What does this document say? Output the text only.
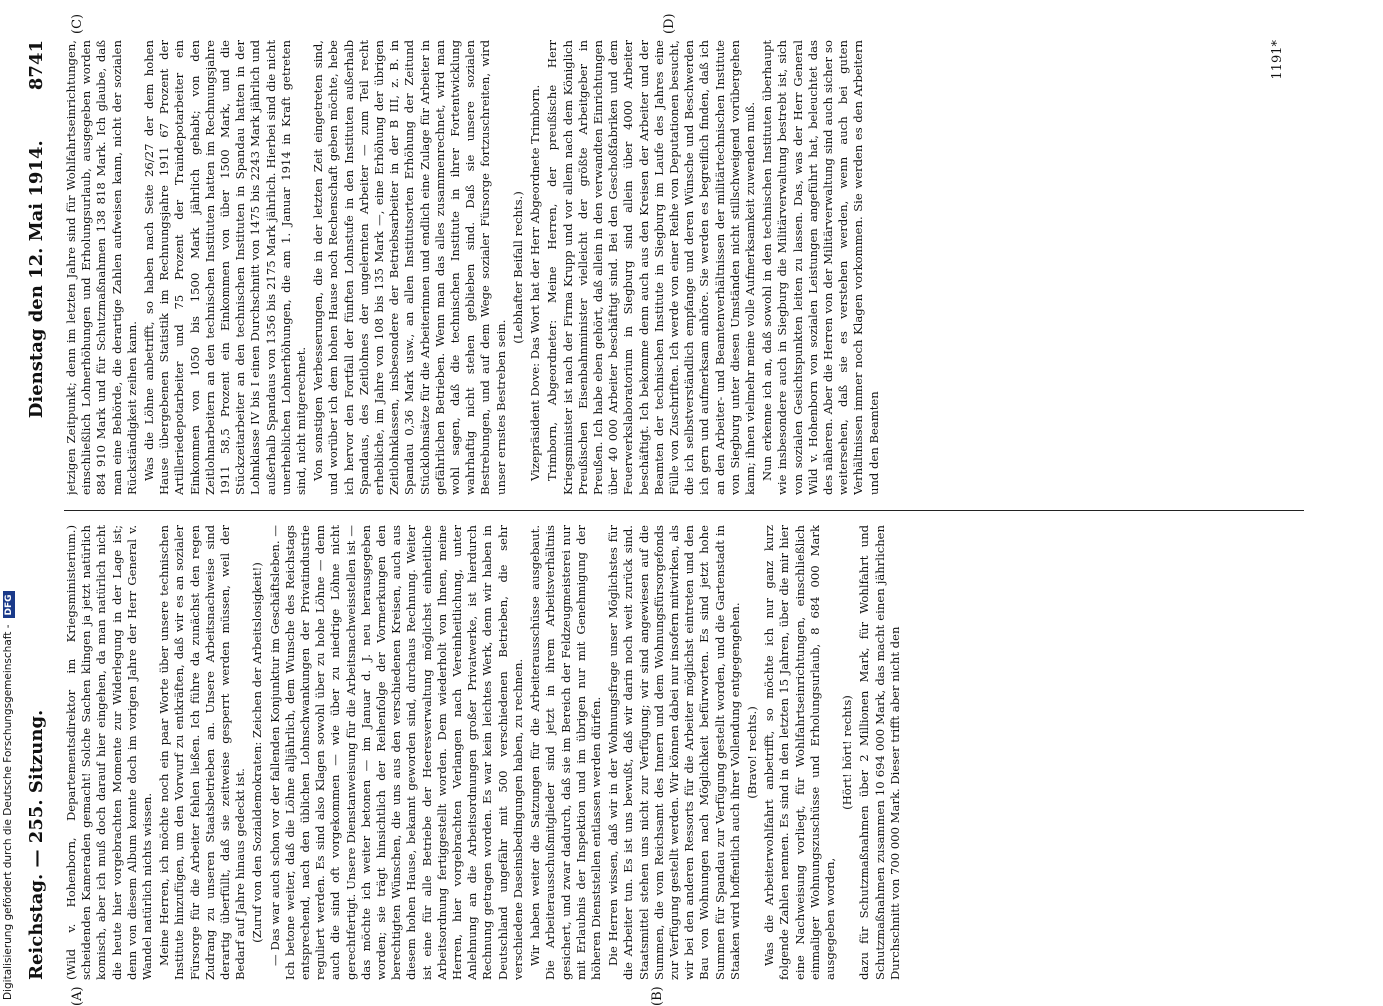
Digitalisierung gefördert durch die Deutsche Forschungsgemeinschaft -DFG
Reichstag. — 255. Sitzung.
Dienstag den 12. Mai 1914.        8741
(A)	(B)
(C)	(D)

(Wild v. Hohenborn, Departementsdirektor im Kriegsministerium.) scheidenden Kameraden gemacht! Solche Sachen klingen ja jetzt natürlich komisch, aber ich muß doch darauf hier eingehen, da man natürlich nicht die heute hier vorgebrachten Momente zur Widerlegung in der Lage ist; denn von diesem Album konnte doch im vorigen Jahre der Herr General v. Wandel natürlich nichts wissen. Meine Herren, ich möchte noch ein paar Worte über unsere technischen Institute hinzufügen, um den Vorwurf zu entkräften, daß wir es an sozialer Fürsorge für die Arbeiter fehlen ließen. Ich führe da zunächst den regen Zudrang zu unseren Staatsbetrieben an. Unsere Arbeitsnachweise sind derartig überfüllt, daß sie zeitweise gesperrt werden müssen, weil der Bedarf auf Jahre hinaus gedeckt ist. (Zuruf von den Sozialdemokraten: Zeichen der Arbeitslosigkeit!) — Das war auch schon vor der fallenden Konjunktur im Geschäftsleben. — Ich betone weiter, daß die Löhne alljährlich, dem Wunsche des Reichstags entsprechend, nach den üblichen Lohnschwankungen der Privatindustrie reguliert werden. Es sind also Klagen sowohl über zu hohe Löhne — denn auch die sind oft vorgekommen — wie über zu niedrige Löhne nicht gerechtfertigt. Unsere Dienstanweisung für die Arbeitsnachweisstellen ist — das möchte ich weiter betonen — im Januar d. J. neu herausgegeben worden; sie trägt hinsichtlich der Reihenfolge der Vormerkungen den berechtigten Wünschen, die uns aus den verschiedenen Kreisen, auch aus diesem hohen Hause, bekannt geworden sind, durchaus Rechnung. Weiter ist eine für alle Betriebe der Heeresverwaltung möglichst einheitliche Arbeitsordnung fertiggestellt worden. Dem wiederholt von Ihnen, meine Herren, hier vorgebrachten Verlangen nach Vereinheitlichung, unter Anlehnung an die Arbeitsordnungen großer Privatwerke, ist hierdurch Rechnung getragen worden. Es war kein leichtes Werk, denn wir haben in Deutschland ungefähr mit 500 verschiedenen Betrieben, die sehr verschiedene Daseinsbedingungen haben, zu rechnen. Wir haben weiter die Satzungen für die Arbeiterausschüsse ausgebaut. Die Arbeiterausschußmitglieder sind jetzt in ihrem Arbeitsverhältnis gesichert, und zwar dadurch, daß sie im Bereich der Feldzeugmeisterei nur mit Erlaubnis der Inspektion und im übrigen nur mit Genehmigung der höheren Dienststellen entlassen werden dürfen. Die Herren wissen, daß wir in der Wohnungsfrage unser Möglichstes für die Arbeiter tun. Es ist uns bewußt, daß wir darin noch weit zurück sind. Staatsmittel stehen uns nicht zur Verfügung; wir sind angewiesen auf die Summen, die vom Reichsamt des Innern und dem Wohnungsfürsorgefonds zur Verfügung gestellt werden. Wir können dabei nur insofern mitwirken, als wir bei den anderen Ressorts für die Arbeiter möglichst eintreten und den Bau von Wohnungen nach Möglichkeit befürworten. Es sind jetzt hohe Summen für Spandau zur Verfügung gestellt worden, und die Gartenstadt in Staaken wird hoffentlich auch ihrer Vollendung entgegengehen. (Bravo! rechts.) Was die Arbeiterwohlfahrt anbetrifft, so möchte ich nur ganz kurz folgende Zahlen nennen. Es sind in den letzten 15 Jahren, über die mir hier eine Nachweisung vorliegt, für Wohlfahrtseinrichtungen, einschließlich einmaliger Wohnungszuschüsse und Erholungsurlaub, 8 684 000 Mark ausgegeben worden,

(Hört! hört! rechts) dazu für Schutzmaßnahmen über 2 Millionen Mark, für Wohlfahrt und Schutzmaßnahmen zusammen 10 694 000 Mark, das macht einen jährlichen Durchschnitt von 700 000 Mark. Dieser trifft aber nicht den

jetzigen Zeitpunkt; denn im letzten Jahre sind für Wohlfahrtseinrichtungen, einschließlich Lohnerhöhungen und Erholungsurlaub, ausgegeben worden 884 910 Mark und für Schutzmaßnahmen 138 818 Mark. Ich glaube, daß man eine Behörde, die derartige Zahlen aufweisen kann, nicht der sozialen Rückständigkeit zeihen kann. Was die Löhne anbetrifft, so haben nach Seite 26/27 der dem hohen Hause übergebenen Statistik im Rechnungsjahre 1911 67 Prozent der Artilleriedepotarbeiter und 75 Prozent der Traindepotarbeiter ein Einkommen von 1050 bis 1500 Mark jährlich gehabt; von den Zeitlohnarbeitern an den technischen Instituten hatten im Rechnungsjahre 1911 58,5 Prozent ein Einkommen von über 1500 Mark, und die Stückzeitarbeiter an den technischen Instituten in Spandau hatten in der Lohnklasse IV bis I einen Durchschnitt von 1475 bis 2243 Mark jährlich und außerhalb Spandaus von 1356 bis 2175 Mark jährlich. Hierbei sind die nicht unerheblichen Lohnerhöhungen, die am 1. Januar 1914 in Kraft getreten sind, nicht mitgerechnet. Von sonstigen Verbesserungen, die in der letzten Zeit eingetreten sind, und worüber ich dem hohen Hause noch Rechenschaft geben möchte, hebe ich hervor den Fortfall der fünften Lohnstufe in den Instituten außerhalb Spandaus, des Zeitlohnes der ungelernten Arbeiter — zum Teil recht erhebliche, im Jahre von 108 bis 135 Mark —, eine Erhöhung der übrigen Zeitlohnklassen, insbesondere der Betriebsarbeiter in der B III, z. B. in Spandau 0,36 Mark usw., an allen Institutsorten Erhöhung der Zeitund Stücklohnsätze für die Arbeiterinnen und endlich eine Zulage für Arbeiter in gefährlichen Betrieben. Wenn man das alles zusammenrechnet, wird man wohl sagen, daß die technischen Institute in ihrer Fortentwicklung wahrhaftig nicht stehen geblieben sind. Daß sie unsere sozialen Bestrebungen, und auf dem Wege sozialer Fürsorge fortzuschreiten, wird unser ernstes Bestreben sein.

(Lebhafter Beifall rechts.) Vizepräsident Dove: Das Wort hat der Herr Abgeordnete Trimborn. Trimborn, Abgeordneter: Meine Herren, der preußische Herr Kriegsminister ist nach der Firma Krupp und vor allem nach dem Königlich Preußischen Eisenbahnminister vielleicht der größte Arbeitgeber in Preußen. Ich habe eben gehört, daß allein in den verwandten Einrichtungen über 40 000 Arbeiter beschäftigt sind. Bei den Geschoßfabriken und dem Feuerwerkslaboratorium in Siegburg sind allein über 4000 Arbeiter beschäftigt. Ich bekomme denn auch aus den Kreisen der Arbeiter und der Beamten der technischen Institute in Siegburg im Laufe des Jahres eine Fülle von Zuschriften. Ich werde von einer Reihe von Deputationen besucht, die ich selbstverständlich empfange und deren Wünsche und Beschwerden ich gern und aufmerksam anhöre. Sie werden es begreiflich finden, daß ich an den Arbeiter- und Beamtenverhältnissen der militärtechnischen Institute von Siegburg unter diesen Umständen nicht stillschweigend vorübergehen kann; ihnen vielmehr meine volle Aufmerksamkeit zuwenden muß. Nun erkenne ich an, daß sowohl in den technischen Instituten überhaupt wie insbesondere auch in Siegburg die Militärverwaltung bestrebt ist, sich von sozialen Gesichtspunkten leiten zu lassen. Das, was der Herr General Wild v. Hohenborn von sozialen Leistungen angeführt hat, beleuchtet das des näheren. Aber die Herren von der Militärverwaltung sind auch sicher so weitersehen, daß sie es verstehen werden, wenn auch bei guten Verhältnissen immer noch Klagen vorkommen. Sie werden es den Arbeitern und den Beamten

1191*
